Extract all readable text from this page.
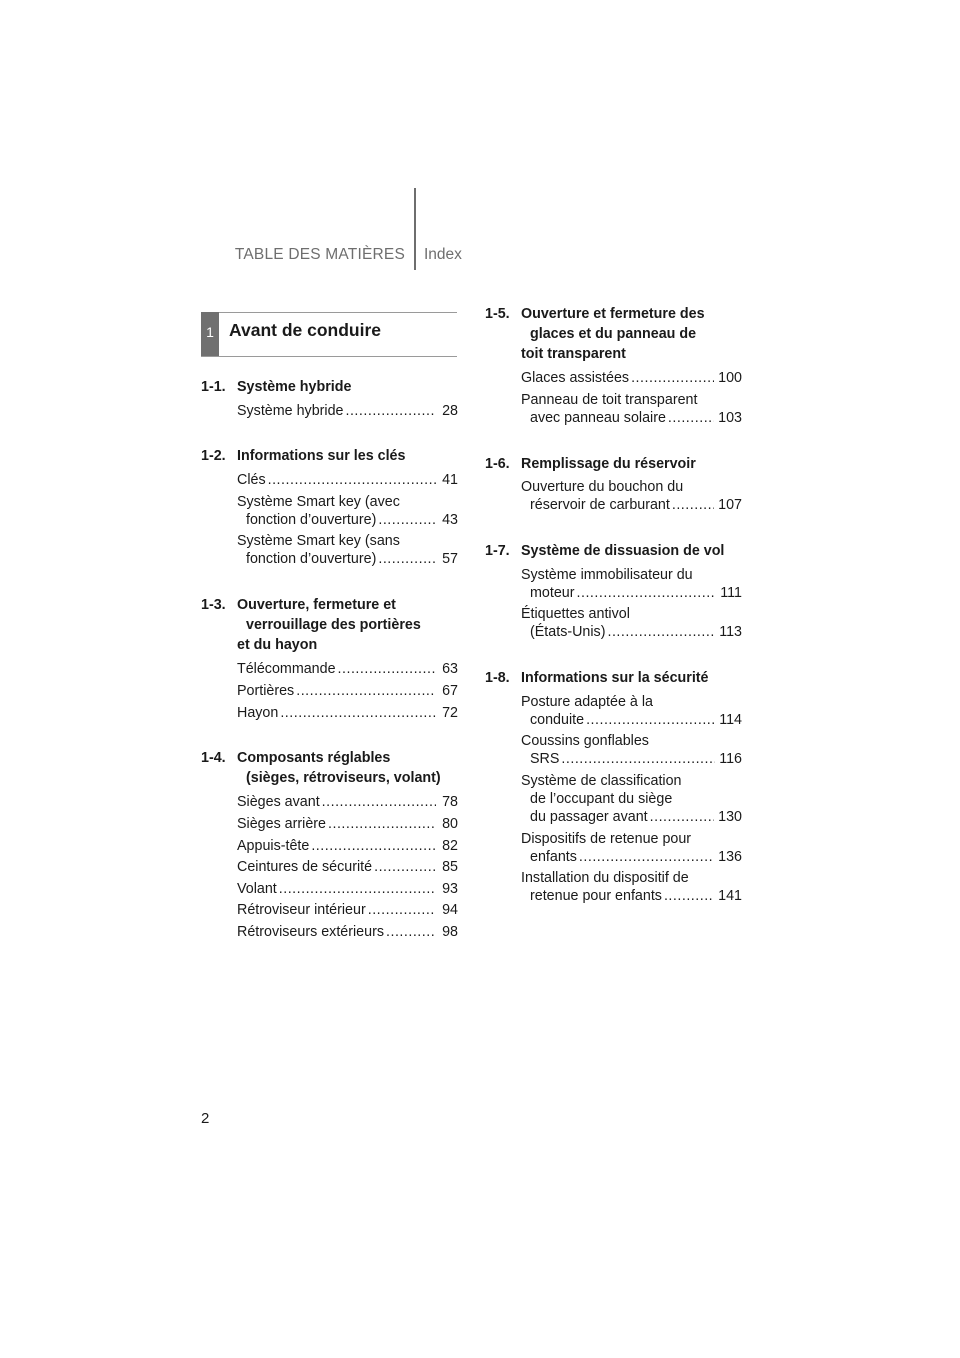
TABLE DES MATIÈRES Index
1 Avant de conduire
1-1. Système hybride
Système hybride .....	28
1-2. Informations sur les clés
Clés .....	41
Système Smart key (avec
fonction d’ouverture) .....	43
Système Smart key (sans
fonction d’ouverture) .....	57
1-3. Ouverture, fermeture et
verrouillage des portières
et du hayon
Télécommande .....	63
Portières .....	67
Hayon .....	72
1-4. Composants réglables
(sièges, rétroviseurs, volant)
Sièges avant .....	78
Sièges arrière .....	80
Appuis-tête .....	82
Ceintures de sécurité .....	85
Volant .....	93
Rétroviseur intérieur .....	94
Rétroviseurs extérieurs .....	98
1-5. Ouverture et fermeture des
glaces et du panneau de
toit transparent
Glaces assistées .....	100
Panneau de toit transparent
avec panneau solaire .....	103
1-6. Remplissage du réservoir
Ouverture du bouchon du
réservoir de carburant .....	107
1-7. Système de dissuasion de vol
Système immobilisateur du
moteur .....	111
Étiquettes antivol
(États-Unis) .....	113
1-8. Informations sur la sécurité
Posture adaptée à la
conduite .....	114
Coussins gonflables
SRS .....	116
Système de classification
de l’occupant du siège
du passager avant .....	130
Dispositifs de retenue pour
enfants .....	136
Installation du dispositif de
retenue pour enfants .....	141
2
